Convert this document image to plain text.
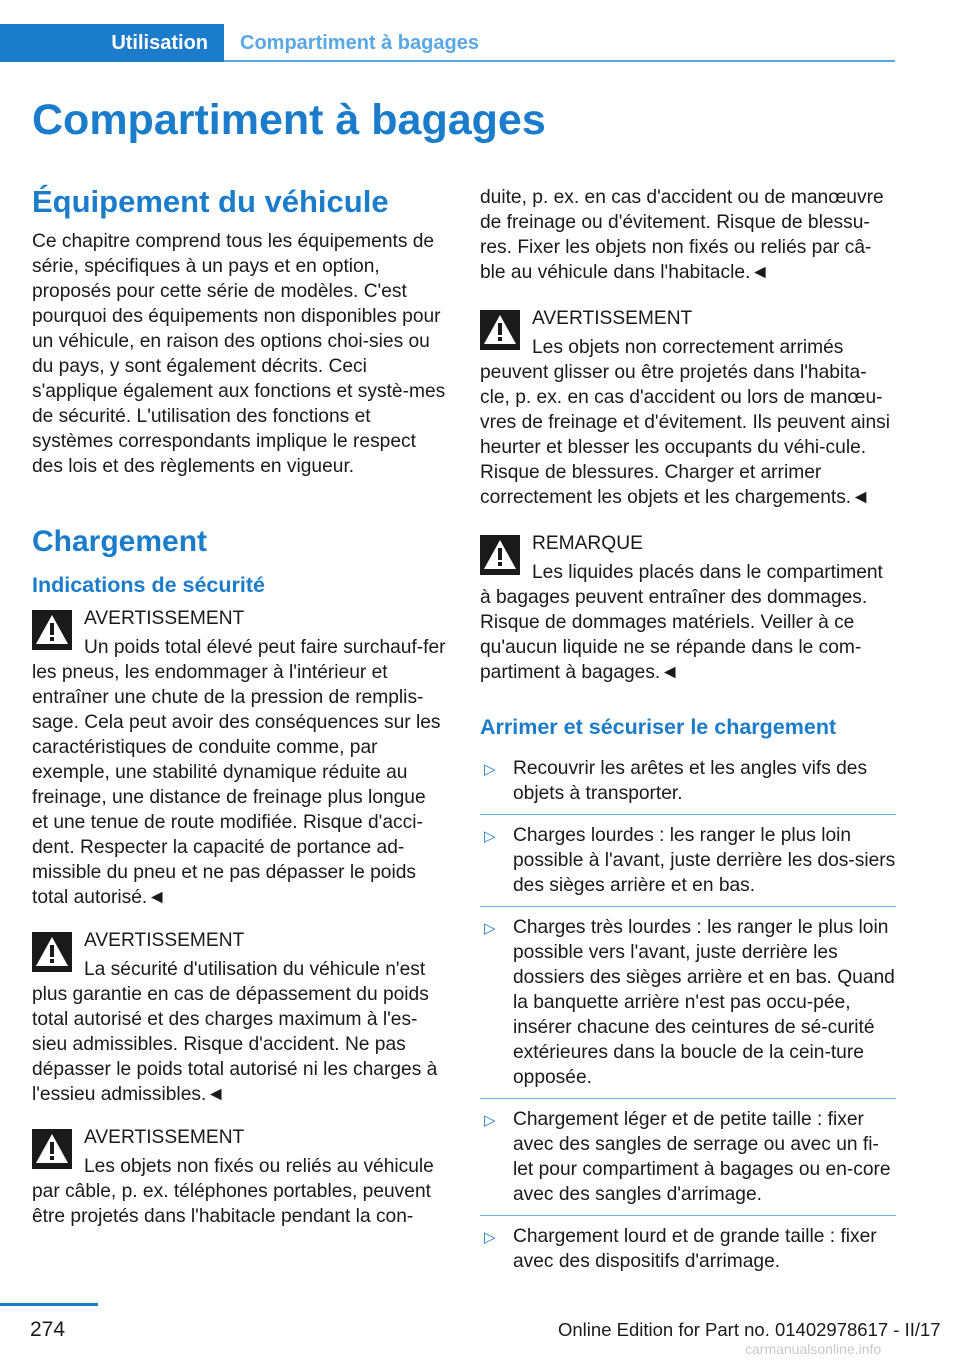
Utilisation	Compartiment à bagages
Compartiment à bagages
Équipement du véhicule

Ce chapitre comprend tous les équipements de série, spécifiques à un pays et en option, proposés pour cette série de modèles. C'est pourquoi des équipements non disponibles pour un véhicule, en raison des options choi-sies ou du pays, y sont également décrits. Ceci s'applique également aux fonctions et systè-mes de sécurité. L'utilisation des fonctions et systèmes correspondants implique le respect des lois et des règlements en vigueur.

Chargement
Indications de sécurité

AVERTISSEMENT

Un poids total élevé peut faire surchauf-fer les pneus, les endommager à l'intérieur et entraîner une chute de la pression de remplis-sage. Cela peut avoir des conséquences sur les caractéristiques de conduite comme, par exemple, une stabilité dynamique réduite au freinage, une distance de freinage plus longue et une tenue de route modifiée. Risque d'acci-dent. Respecter la capacité de portance ad-missible du pneu et ne pas dépasser le poids total autorisé.◄

AVERTISSEMENT

La sécurité d'utilisation du véhicule n'est plus garantie en cas de dépassement du poids total autorisé et des charges maximum à l'es-sieu admissibles. Risque d'accident. Ne pas dépasser le poids total autorisé ni les charges à l'essieu admissibles.◄

AVERTISSEMENT

Les objets non fixés ou reliés au véhicule par câble, p. ex. téléphones portables, peuvent être projetés dans l'habitacle pendant la con-

duite, p. ex. en cas d'accident ou de manœuvre de freinage ou d'évitement. Risque de blessu-res. Fixer les objets non fixés ou reliés par câ-ble au véhicule dans l'habitacle.◄

AVERTISSEMENT

Les objets non correctement arrimés peuvent glisser ou être projetés dans l'habita-cle, p. ex. en cas d'accident ou lors de manœu-vres de freinage et d'évitement. Ils peuvent ainsi heurter et blesser les occupants du véhi-cule. Risque de blessures. Charger et arrimer correctement les objets et les chargements.◄

REMARQUE

Les liquides placés dans le compartiment à bagages peuvent entraîner des dommages. Risque de dommages matériels. Veiller à ce qu'aucun liquide ne se répande dans le com-partiment à bagages.◄

Arrimer et sécuriser le chargement
▷ Recouvrir les arêtes et les angles vifs des objets à transporter.
▷ Charges lourdes : les ranger le plus loin possible à l'avant, juste derrière les dos-siers des sièges arrière et en bas.
▷ Charges très lourdes : les ranger le plus loin possible vers l'avant, juste derrière les dossiers des sièges arrière et en bas. Quand la banquette arrière n'est pas occu-pée, insérer chacune des ceintures de sé-curité extérieures dans la boucle de la cein-ture opposée.
▷ Chargement léger et de petite taille : fixer avec des sangles de serrage ou avec un fi-let pour compartiment à bagages ou en-core avec des sangles d'arrimage.
▷ Chargement lourd et de grande taille : fixer avec des dispositifs d'arrimage.
274	Online Edition for Part no. 01402978617 - II/17
carmanualsonline.info
